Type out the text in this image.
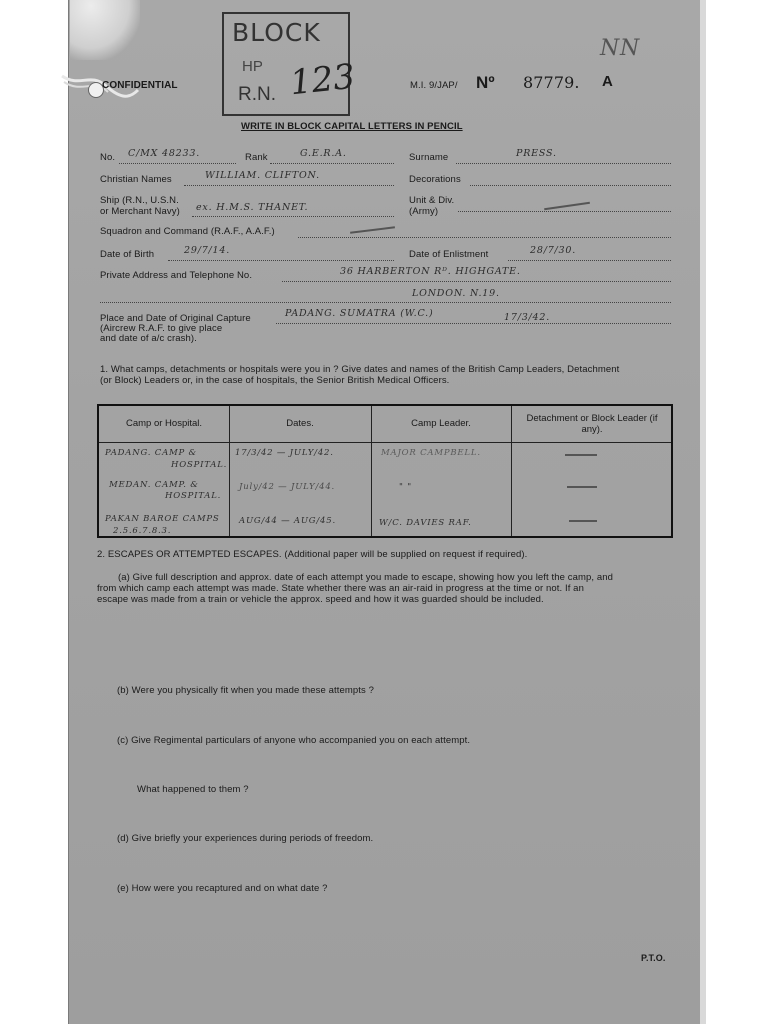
CONFIDENTIAL	M.I. 9/JAP/ Nº 87779. A
NN
BLOCK
HP
R.N. 123
WRITE IN BLOCK CAPITAL LETTERS IN PENCIL
No. C/MX 48233.	Rank	G.E.R.A.	Surname	PRESS.
Christian Names	WILLIAM. CLIFTON.	Decorations
Ship (R.N., U.S.N.
or Merchant Navy) ex. H.M.S. THANET.
Unit & Div.
(Army)
Squadron and Command (R.A.F., A.A.F.)
Date of Birth	29/7/14.	Date of Enlistment	28/7/30.
Private Address and Telephone No.	36 HARBERTON Rᴰ. HIGHGATE.
LONDON. N.19.
Place and Date of Original Capture
(Aircrew R.A.F. to give place
and date of a/c crash).
PADANG. SUMATRA (W.C.)	17/3/42.
1. What camps, detachments or hospitals were you in ? Give dates and names of the British Camp Leaders, Detachment
(or Block) Leaders or, in the case of hospitals, the Senior British Medical Officers.
Camp or Hospital.	Dates.	Camp Leader.	Detachment or Block Leader (if any).
PADANG. CAMP &
HOSPITAL.
17/3/42 — JULY/42.	MAJOR CAMPBELL.
MEDAN. CAMP. &
HOSPITAL.
July/42 — JULY/44.	" "
PAKAN BAROE CAMPS
2.5.6.7.8.3.
AUG/44 — AUG/45.	W/C. DAVIES RAF.
2. ESCAPES OR ATTEMPTED ESCAPES. (Additional paper will be supplied on request if required).
(a) Give full description and approx. date of each attempt you made to escape, showing how you left the camp, and
from which camp each attempt was made. State whether there was an air-raid in progress at the time or not. If an
escape was made from a train or vehicle the approx. speed and how it was guarded should be included.
(b) Were you physically fit when you made these attempts ?
(c) Give Regimental particulars of anyone who accompanied you on each attempt.
What happened to them ?
(d) Give briefly your experiences during periods of freedom.
(e) How were you recaptured and on what date ?
P.T.O.
